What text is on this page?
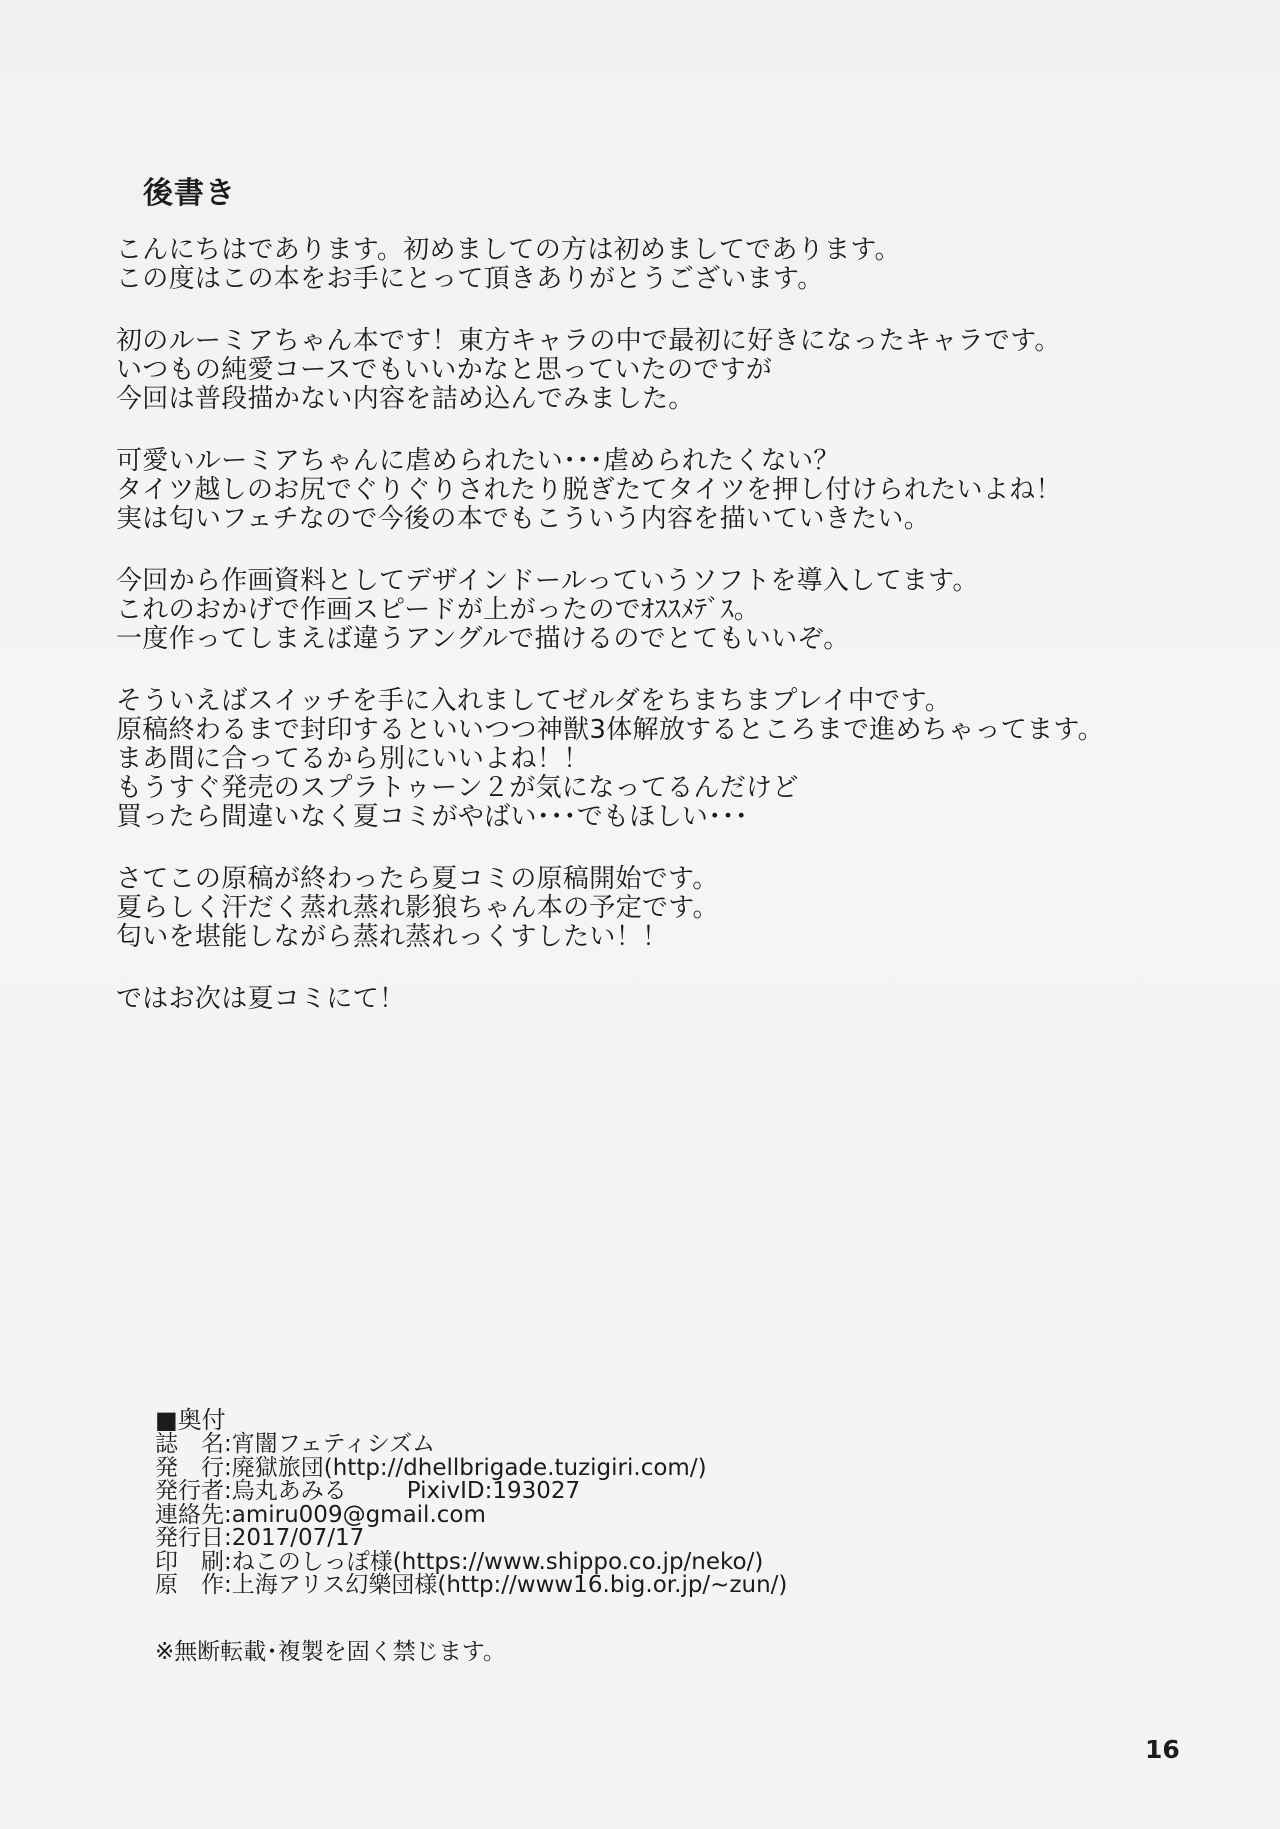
後書き

こんにちはであります。初めましての方は初めましてであります。
この度はこの本をお手にとって頂きありがとうございます。

初のルーミアちゃん本です！東方キャラの中で最初に好きになったキャラです。
いつもの純愛コースでもいいかなと思っていたのですが
今回は普段描かない内容を詰め込んでみました。

可愛いルーミアちゃんに虐められたい･･･虐められたくない？
タイツ越しのお尻でぐりぐりされたり脱ぎたてタイツを押し付けられたいよね！
実は匂いフェチなので今後の本でもこういう内容を描いていきたい。

今回から作画資料としてデザインドールっていうソフトを導入してます。
これのおかげで作画スピードが上がったのでｵｽｽﾒﾃﾞｽ。
一度作ってしまえば違うアングルで描けるのでとてもいいぞ。

そういえばスイッチを手に入れましてゼルダをちまちまプレイ中です。
原稿終わるまで封印するといいつつ神獣3体解放するところまで進めちゃってます。
まあ間に合ってるから別にいいよね！！
もうすぐ発売のスプラトゥーン２が気になってるんだけど
買ったら間違いなく夏コミがやばい･･･でもほしい･･･

さてこの原稿が終わったら夏コミの原稿開始です。
夏らしく汗だく蒸れ蒸れ影狼ちゃん本の予定です。
匂いを堪能しながら蒸れ蒸れっくすしたい！！

ではお次は夏コミにて！

■奥付

誌　名:宵闇フェティシズム
発　行:廃獄旅団(http://dhellbrigade.tuzigiri.com/)
発行者:烏丸あみる	PixivID:193027
連絡先:amiru009@gmail.com
発行日:2017/07/17
印　刷:ねこのしっぽ様(https://www.shippo.co.jp/neko/)
原　作:上海アリス幻樂団様(http://www16.big.or.jp/~zun/)

※無断転載･複製を固く禁じます。

16
